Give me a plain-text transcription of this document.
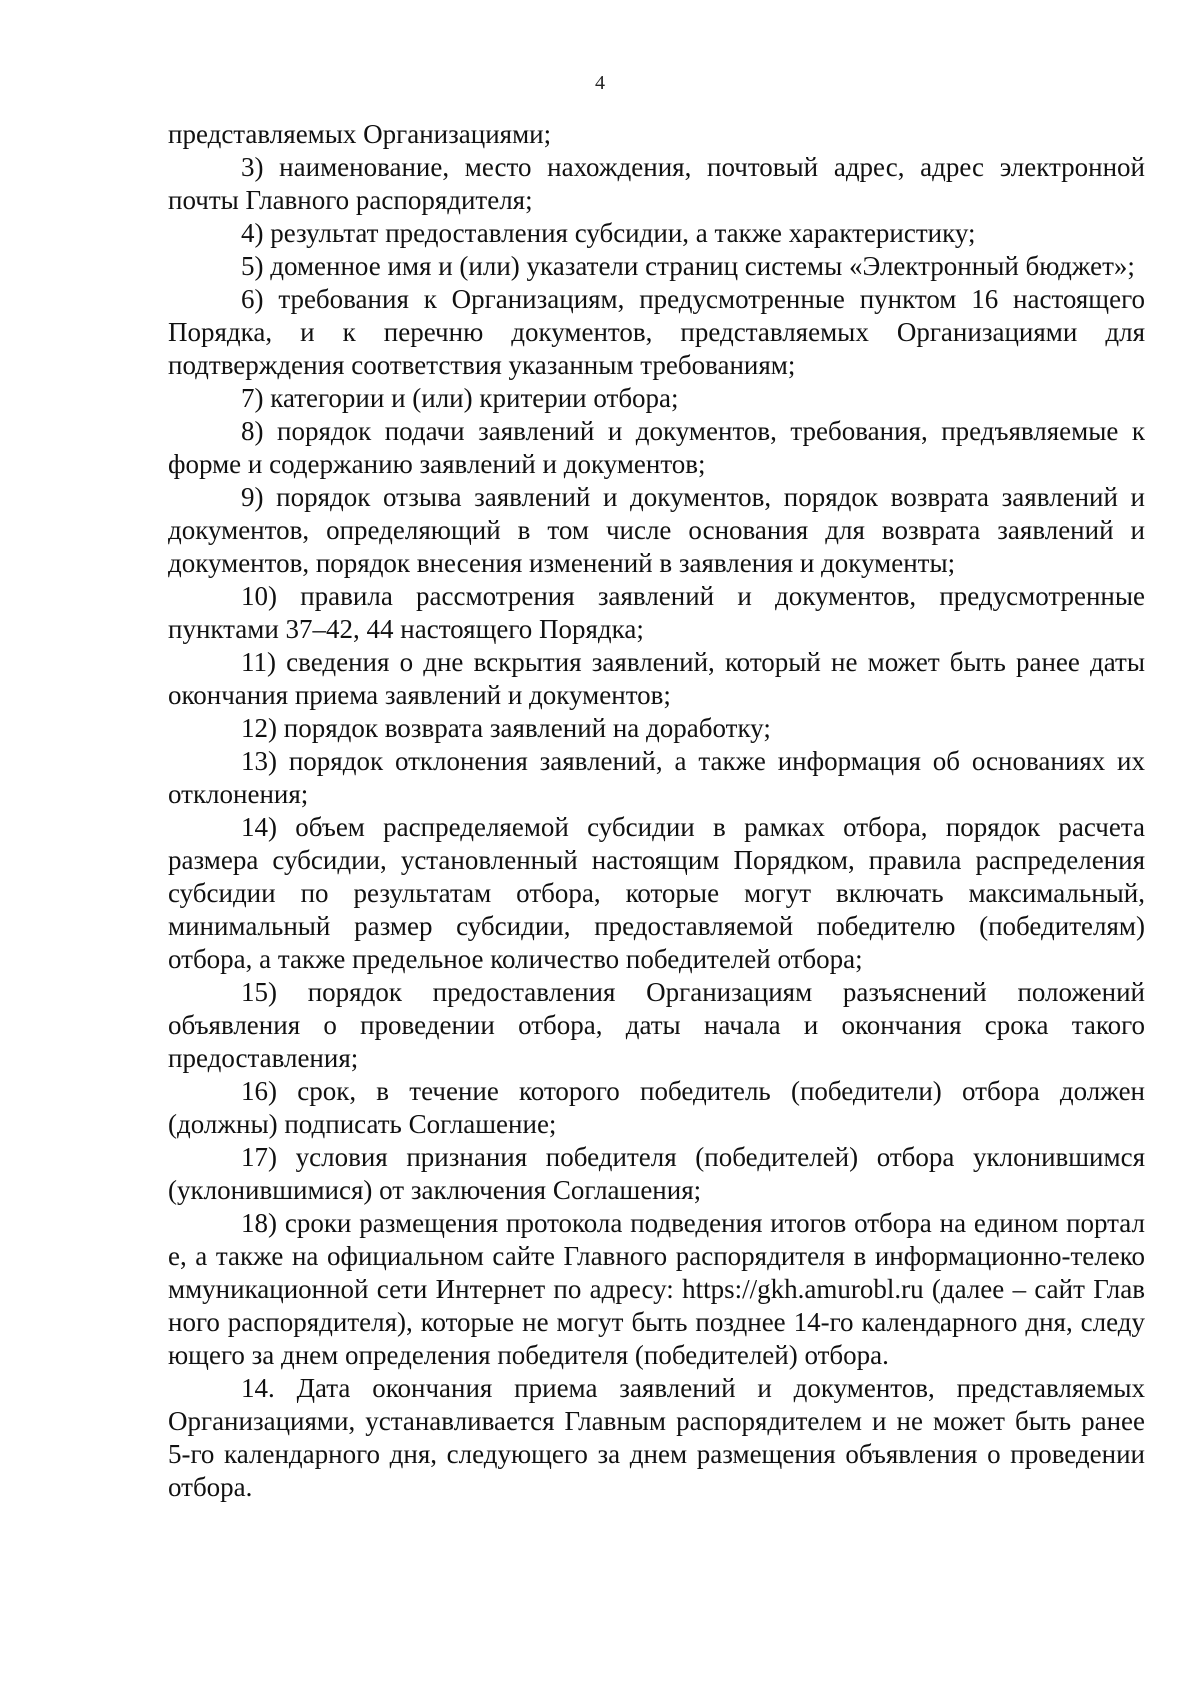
4

представляемых Организациями;

3) наименование, место нахождения, почтовый адрес, адрес электронной почты Главного распорядителя;

4) результат предоставления субсидии, а также характеристику;

5) доменное имя и (или) указатели страниц системы «Электронный бюджет»;

6) требования к Организациям, предусмотренные пунктом 16 настоящего Порядка, и к перечню документов, представляемых Организациями для подтверждения соответствия указанным требованиям;

7) категории и (или) критерии отбора;

8) порядок подачи заявлений и документов, требования, предъявляемые к форме и содержанию заявлений и документов;

9) порядок отзыва заявлений и документов, порядок возврата заявлений и документов, определяющий в том числе основания для возврата заявлений и документов, порядок внесения изменений в заявления и документы;

10) правила рассмотрения заявлений и документов, предусмотренные пунктами 37–42, 44 настоящего Порядка;

11) сведения о дне вскрытия заявлений, который не может быть ранее даты окончания приема заявлений и документов;

12) порядок возврата заявлений на доработку;

13) порядок отклонения заявлений, а также информация об основаниях их отклонения;

14) объем распределяемой субсидии в рамках отбора, порядок расчета размера субсидии, установленный настоящим Порядком, правила распределения субсидии по результатам отбора, которые могут включать максимальный, минимальный размер субсидии, предоставляемой победителю (победителям) отбора, а также предельное количество победителей отбора;

15) порядок предоставления Организациям разъяснений положений объявления о проведении отбора, даты начала и окончания срока такого предоставления;

16) срок, в течение которого победитель (победители) отбора должен (должны) подписать Соглашение;

17) условия признания победителя (победителей) отбора уклонившимся (уклонившимися) от заключения Соглашения;

18) сроки размещения протокола подведения итогов отбора на едином портале, а также на официальном сайте Главного распорядителя в информационно-телекоммуникационной сети Интернет по адресу: https://gkh.amurobl.ru (далее – сайт Главного распорядителя), которые не могут быть позднее 14-го календарного дня, следующего за днем определения победителя (победителей) отбора.

14. Дата окончания приема заявлений и документов, представляемых Организациями, устанавливается Главным распорядителем и не может быть ранее 5-го календарного дня, следующего за днем размещения объявления о проведении отбора.
